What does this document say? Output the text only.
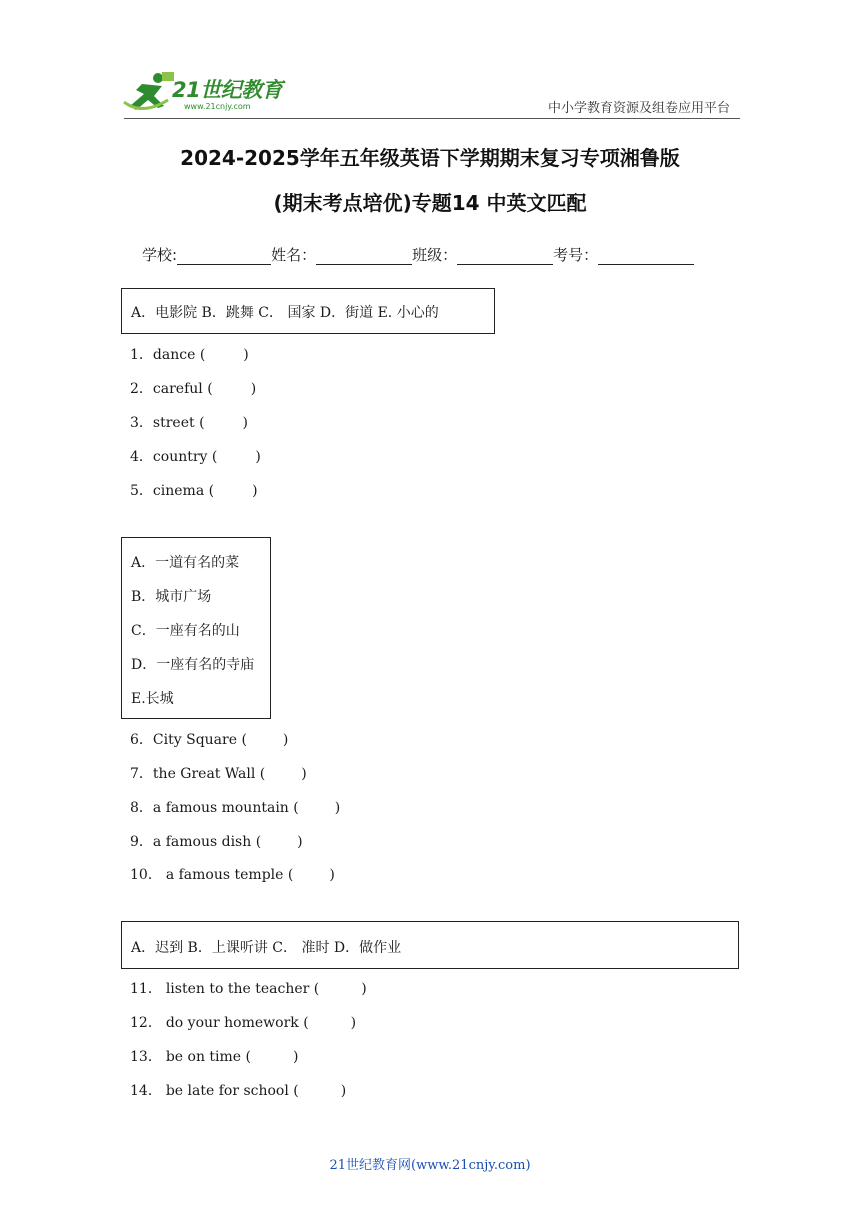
21世纪教育
www.21cnjy.com	中小学教育资源及组卷应用平台
2024-2025学年五年级英语下学期期末复习专项湘鲁版
(期末考点培优)专题14 中英文匹配
学校:	姓名：	班级：	考号：
A．电影院 B．跳舞 C． 国家 D．街道 E. 小心的
1．dance (	)
2．careful (	)
3．street (	)
4．country (	)
5．cinema (	)
A．一道有名的菜
B．城市广场
C．一座有名的山
D．一座有名的寺庙
E.长城
6．City Square (	)
7．the Great Wall (	)
8．a famous mountain (	)
9．a famous dish (	)
10． a famous temple (	)
A．迟到 B．上课听讲 C． 准时 D．做作业
11． listen to the teacher (	)
12． do your homework (	)
13． be on time (	)
14． be late for school (	)
21世纪教育网(www.21cnjy.com)
